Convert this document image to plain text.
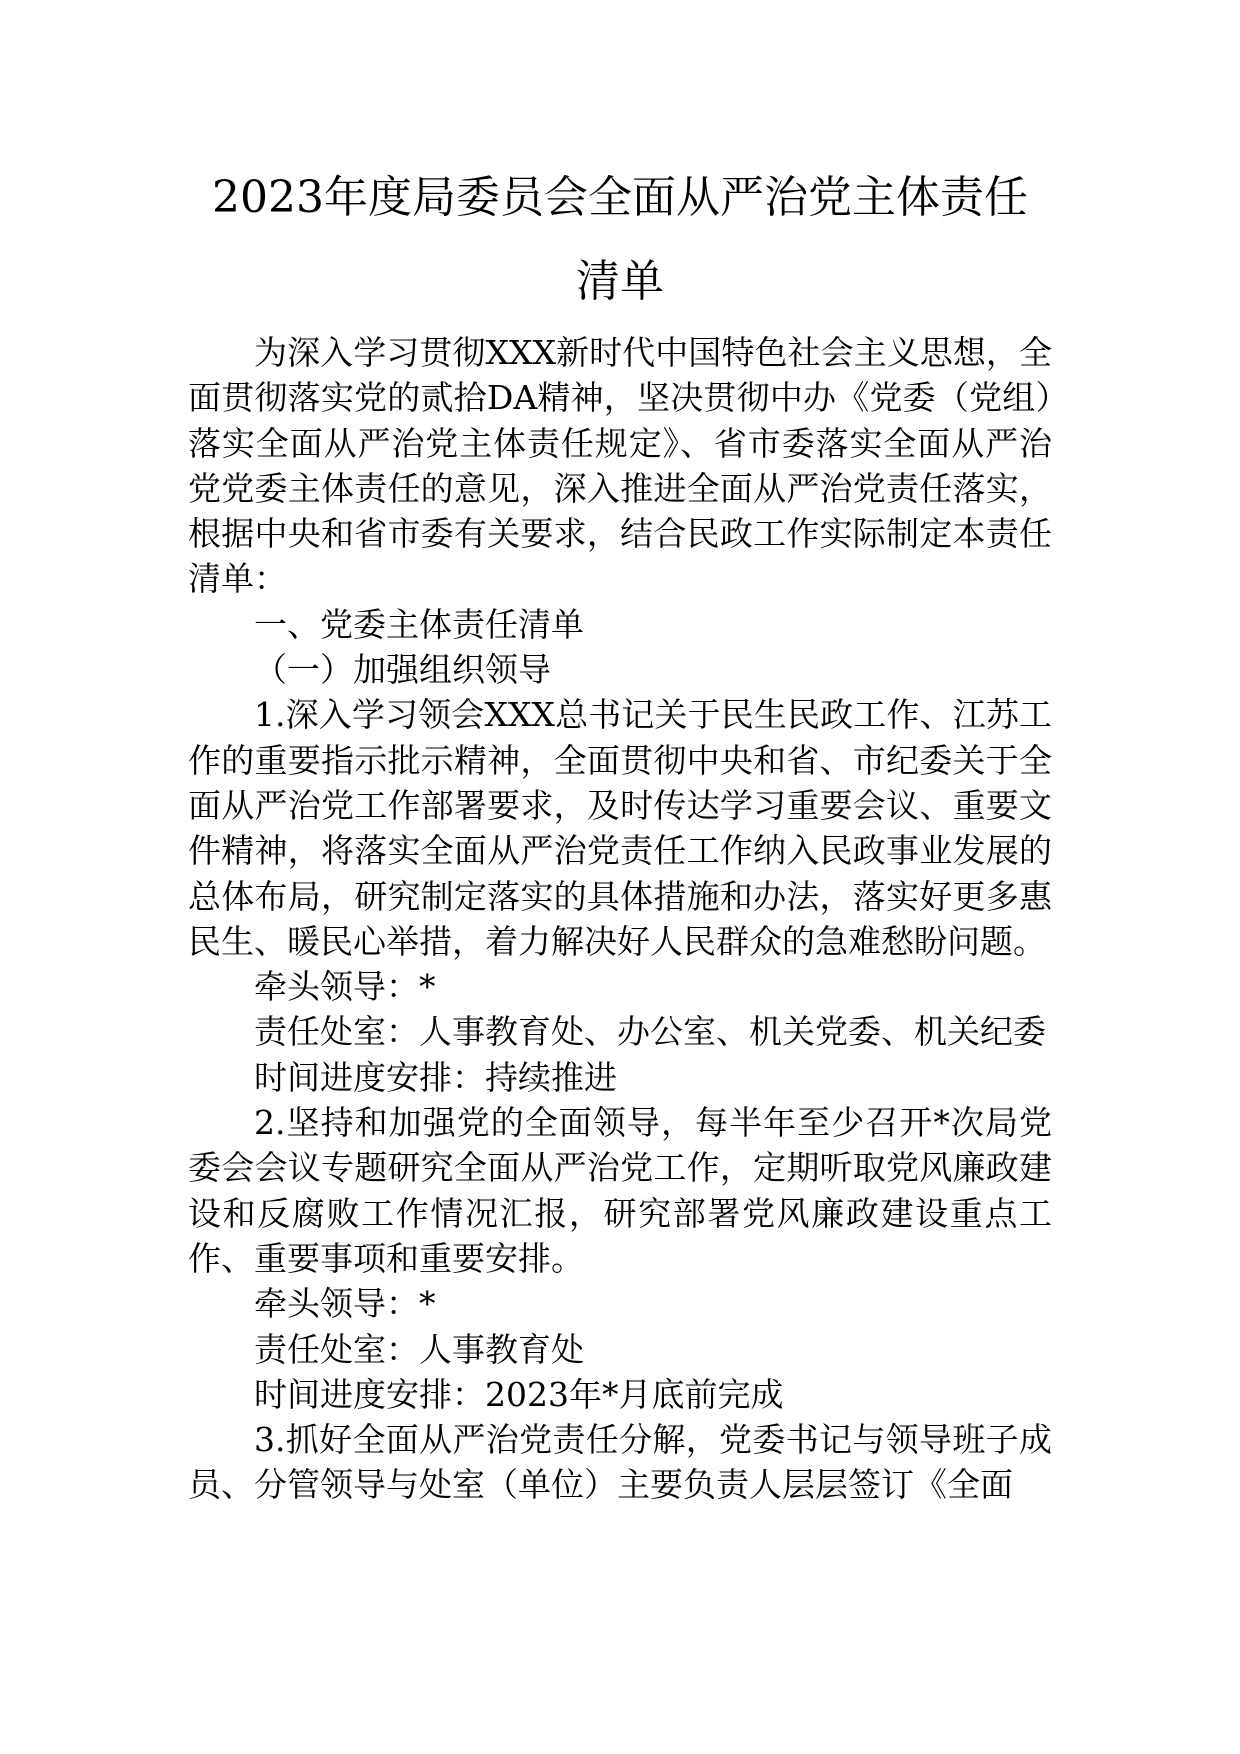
2023年度局委员会全面从严治党主体责任
清单

为深入学习贯彻XXX新时代中国特色社会主义思想，全面贯彻落实党的贰拾DA精神，坚决贯彻中办《党委（党组）落实全面从严治党主体责任规定》、省市委落实全面从严治党党委主体责任的意见，深入推进全面从严治党责任落实，根据中央和省市委有关要求，结合民政工作实际制定本责任清单：

一、党委主体责任清单

（一）加强组织领导

1.深入学习领会XXX总书记关于民生民政工作、江苏工作的重要指示批示精神，全面贯彻中央和省、市纪委关于全面从严治党工作部署要求，及时传达学习重要会议、重要文件精神，将落实全面从严治党责任工作纳入民政事业发展的总体布局，研究制定落实的具体措施和办法，落实好更多惠民生、暖民心举措，着力解决好人民群众的急难愁盼问题。

牵头领导：*

责任处室：人事教育处、办公室、机关党委、机关纪委

时间进度安排：持续推进

2.坚持和加强党的全面领导，每半年至少召开*次局党委会会议专题研究全面从严治党工作，定期听取党风廉政建设和反腐败工作情况汇报，研究部署党风廉政建设重点工作、重要事项和重要安排。

牵头领导：*

责任处室：人事教育处

时间进度安排：2023年*月底前完成

3.抓好全面从严治党责任分解，党委书记与领导班子成员、分管领导与处室（单位）主要负责人层层签订《全面
